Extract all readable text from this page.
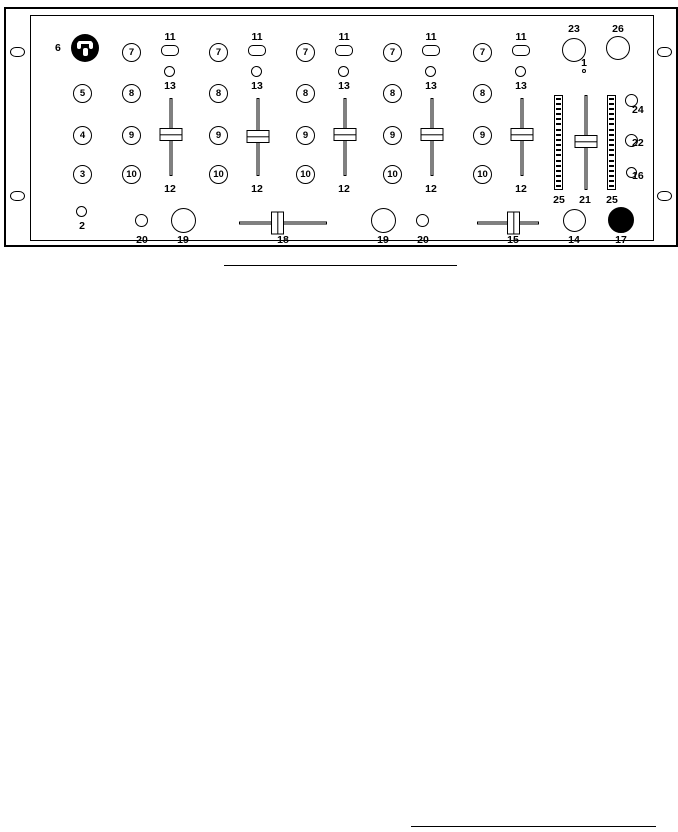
6
5
4
3
2
7
8
9
10
11
13
12
7
8
9
10
11
13
12
7
8
9
10
11
13
12
7
8
9
10
11
13
12
7
8
9
10
11
13
12
23	26
1
25 21 25
24
22
16
20	19	18	19	20	15	14	17
